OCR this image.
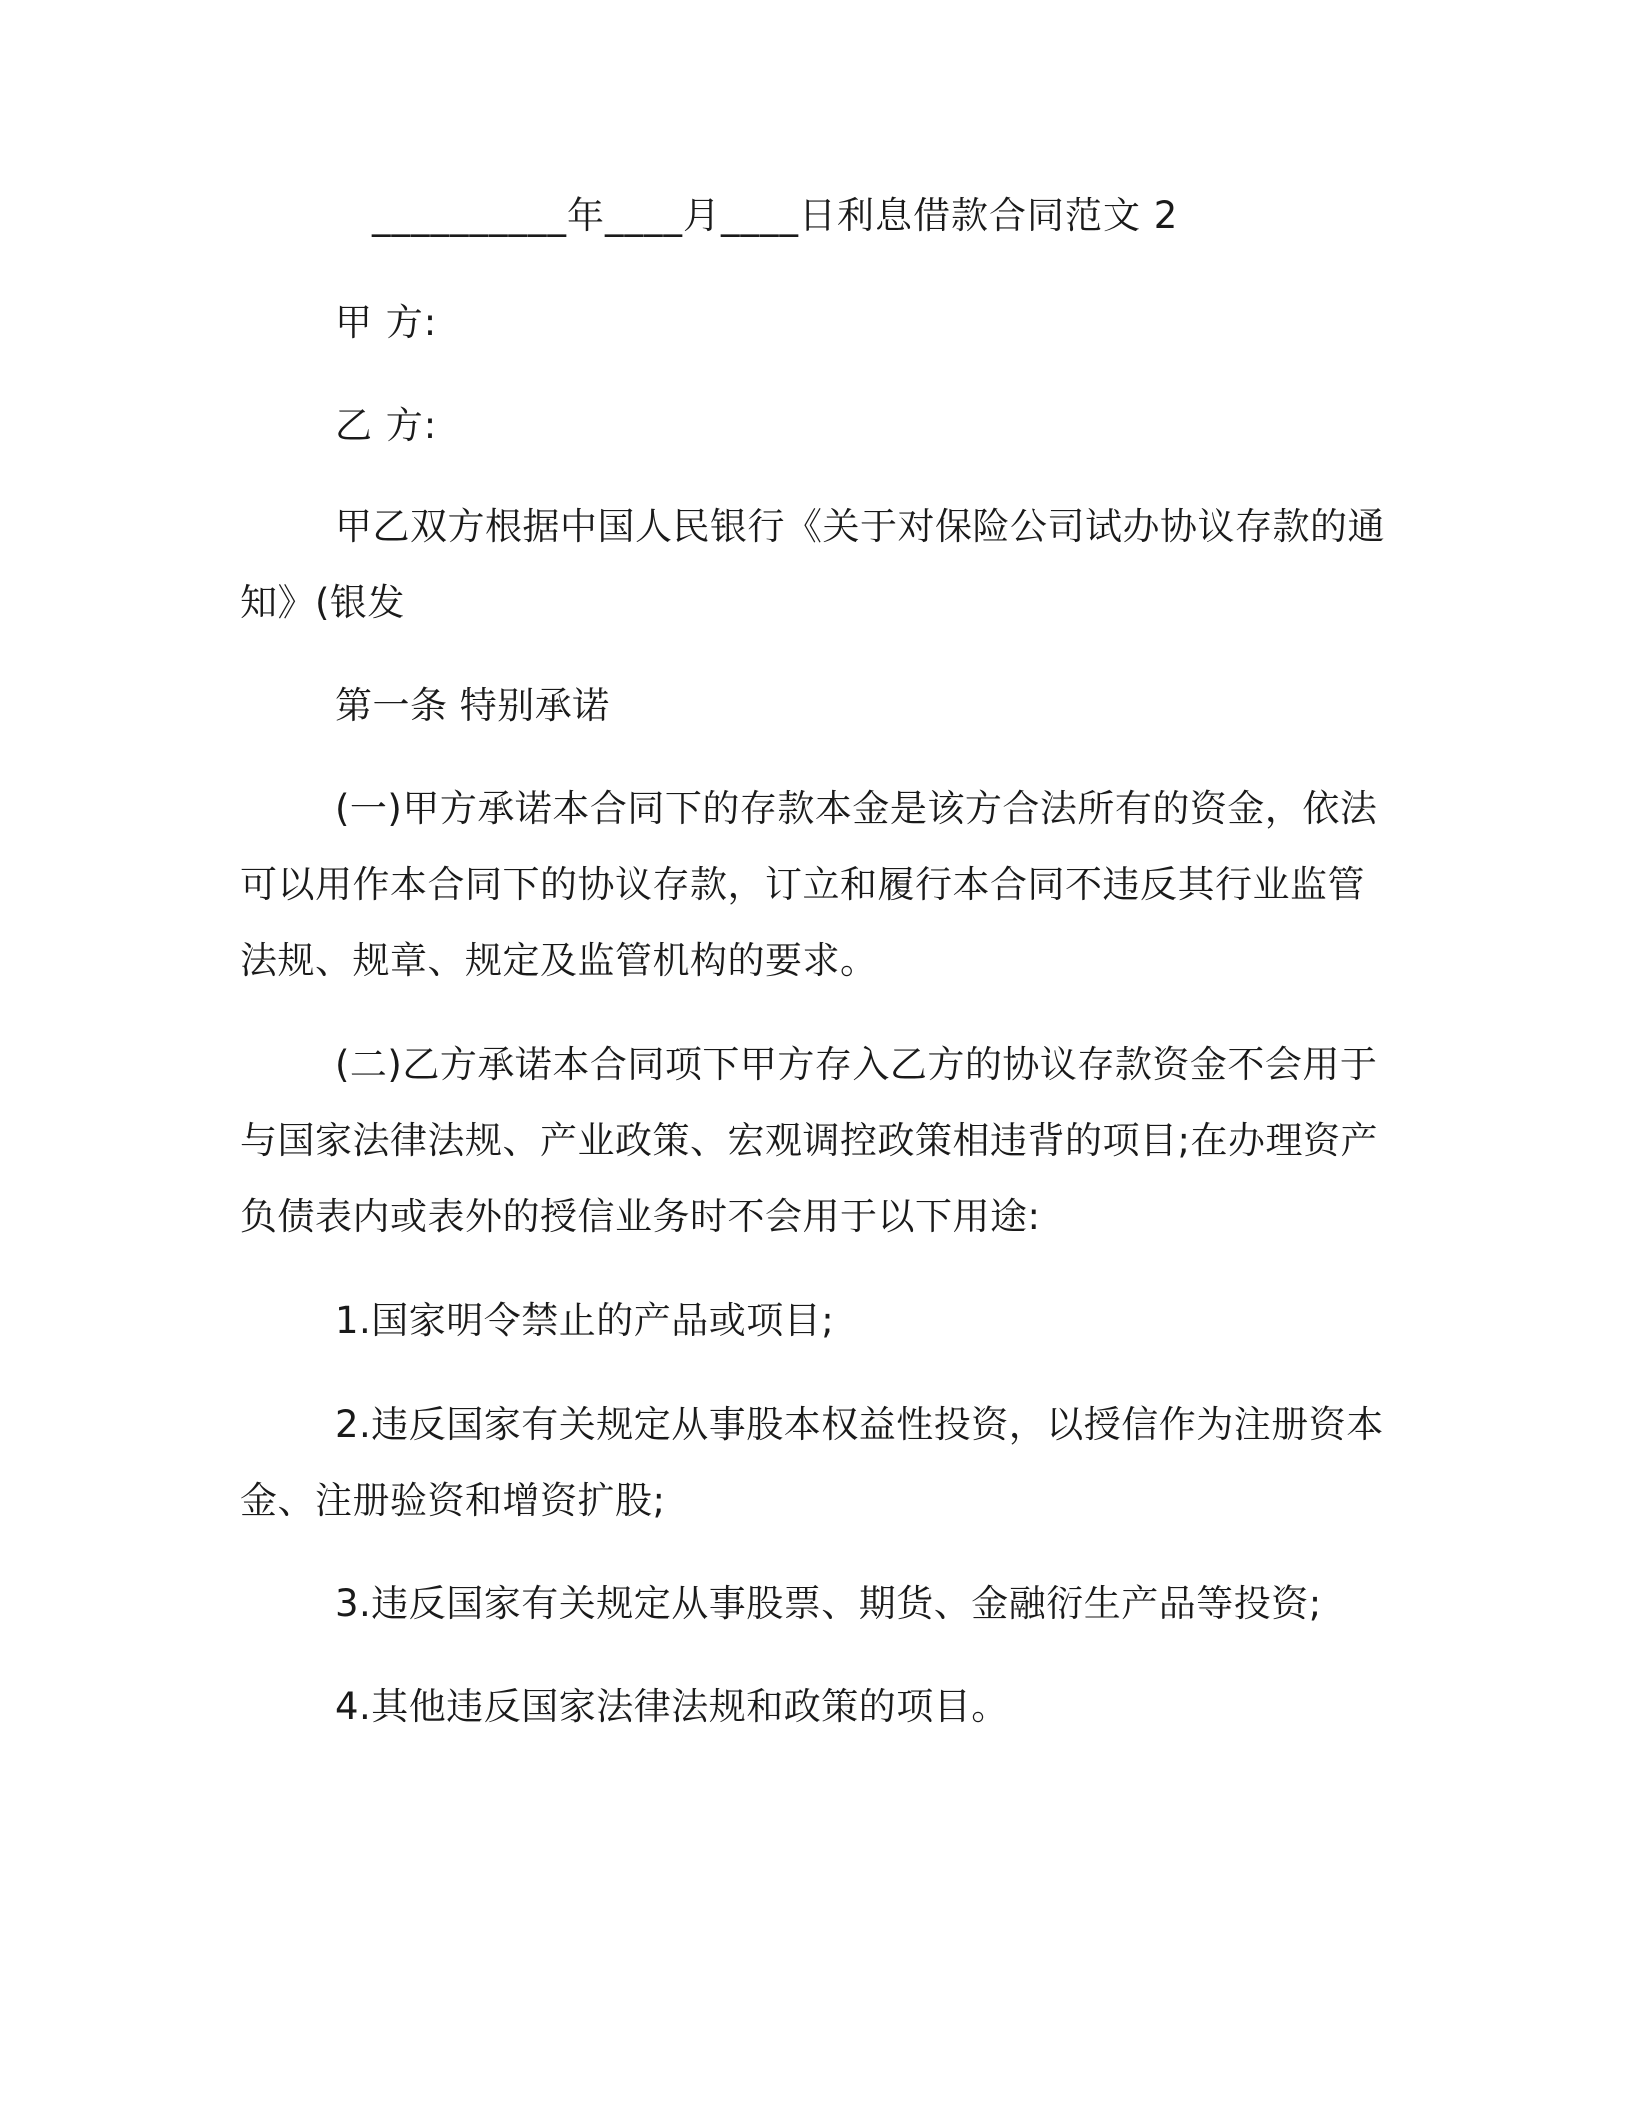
__________年____月____日利息借款合同范文 2
甲 方:
乙 方:

甲乙双方根据中国人民银行《关于对保险公司试办协议存款的通知》(银发

第一条 特别承诺

(一)甲方承诺本合同下的存款本金是该方合法所有的资金，依法可以用作本合同下的协议存款，订立和履行本合同不违反其行业监管法规、规章、规定及监管机构的要求。

(二)乙方承诺本合同项下甲方存入乙方的协议存款资金不会用于与国家法律法规、产业政策、宏观调控政策相违背的项目;在办理资产负债表内或表外的授信业务时不会用于以下用途:

1.国家明令禁止的产品或项目;

2.违反国家有关规定从事股本权益性投资，以授信作为注册资本金、注册验资和增资扩股;

3.违反国家有关规定从事股票、期货、金融衍生产品等投资;

4.其他违反国家法律法规和政策的项目。
